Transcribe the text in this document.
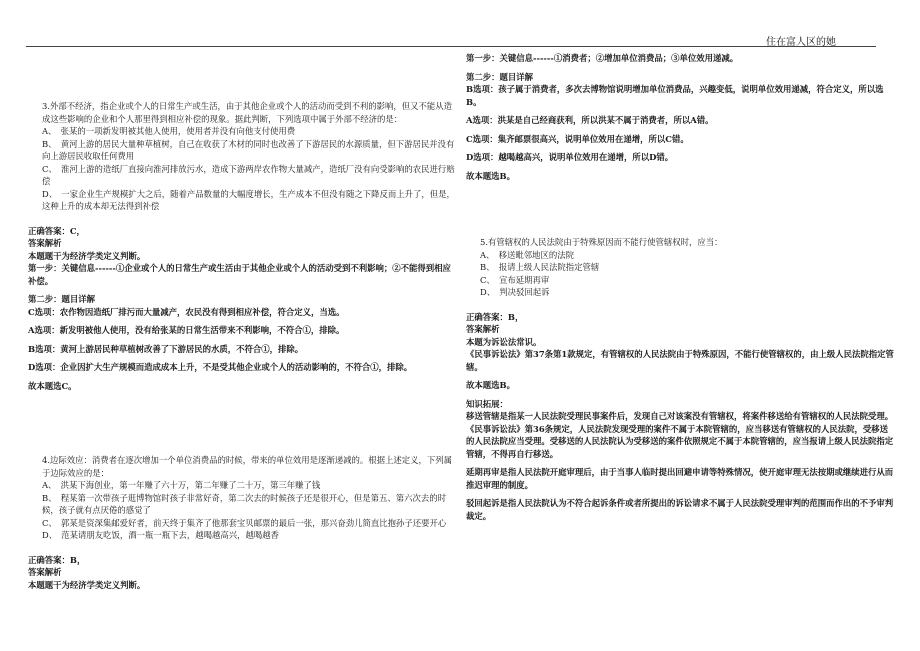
住在富人区的她

3.外部不经济，指企业或个人的日常生产或生活，由于其他企业或个人的活动而受到不利的影响，但又不能从造成这些影响的企业和个人那里得到相应补偿的现象。据此判断，下列选项中属于外部不经济的是：

A、　张某的一项新发明被其他人使用，使用者并没有向他支付使用费

B、　黄河上游的居民大量种草植树，自己在收获了木材的同时也改善了下游居民的水源质量，但下游居民并没有向上游居民收取任何费用

C、　淮河上游的造纸厂直接向淮河排放污水，造成下游两岸农作物大量减产，造纸厂没有向受影响的农民进行赔偿

D、　一家企业生产规模扩大之后，随着产品数量的大幅度增长，生产成本不但没有随之下降反而上升了，但是，这种上升的成本却无法得到补偿

正确答案：C，

答案解析

本题题干为经济学类定义判断。

第一步：关键信息------①企业或个人的日常生产或生活由于其他企业或个人的活动受到不利影响；②不能得到相应补偿。

第二步：题目详解

C选项：农作物因造纸厂排污而大量减产，农民没有得到相应补偿，符合定义，当选。

A选项：新发明被他人使用，没有给张某的日常生活带来不利影响，不符合①，排除。

B选项：黄河上游居民种草植树改善了下游居民的水质，不符合①，排除。

D选项：企业因扩大生产规模而造成成本上升，不是受其他企业或个人的活动影响的，不符合①，排除。

故本题选C。

4.边际效应：消费者在逐次增加一个单位消费品的时候，带来的单位效用是逐渐递减的。根据上述定义，下列属于边际效应的是：

A、　洪某下海创业，第一年赚了六十万，第二年赚了二十万，第三年赚了钱

B、　程某第一次带孩子逛博物馆时孩子非常好奇，第二次去的时候孩子还是很开心，但是第五、第六次去的时候，孩子就有点厌倦的感觉了

C、　郭某是资深集邮爱好者，前天终于集齐了他那套宝贝邮票的最后一张，那兴奋劲儿简直比抱孙子还要开心

D、　范某请朋友吃饭，酒一瓶一瓶下去，越喝越高兴，越喝越香

正确答案：B，

答案解析

本题题干为经济学类定义判断。

第一步：关键信息------①消费者；②增加单位消费品；③单位效用递减。

第二步：题目详解

B选项：孩子属于消费者，多次去博物馆说明增加单位消费品，兴趣变低，说明单位效用递减，符合定义，所以选B。

A选项：洪某是自己经商获利，所以洪某不属于消费者，所以A错。

C选项：集齐邮票很高兴，说明单位效用在递增，所以C错。

D选项：越喝越高兴，说明单位效用在递增，所以D错。

故本题选B。

5.有管辖权的人民法院由于特殊原因而不能行使管辖权时，应当：

A、　移送毗邻地区的法院

B、　报请上级人民法院指定管辖

C、　宣布延期再审

D、　判决驳回起诉

正确答案：B，

答案解析

本题为诉讼法常识。

《民事诉讼法》第37条第1款规定，有管辖权的人民法院由于特殊原因，不能行使管辖权的，由上级人民法院指定管辖。

故本题选B。

知识拓展：

移送管辖是指某一人民法院受理民事案件后，发现自己对该案没有管辖权，将案件移送给有管辖权的人民法院受理。《民事诉讼法》第36条规定，人民法院发现受理的案件不属于本院管辖的，应当移送有管辖权的人民法院，受移送的人民法院应当受理。受移送的人民法院认为受移送的案件依照规定不属于本院管辖的，应当报请上级人民法院指定管辖，不得再自行移送。

延期再审是指人民法院开庭审理后，由于当事人临时提出回避申请等特殊情况，使开庭审理无法按期或继续进行从而推迟审理的制度。

驳回起诉是指人民法院认为不符合起诉条件或者所提出的诉讼请求不属于人民法院受理审判的范围而作出的不予审判裁定。
